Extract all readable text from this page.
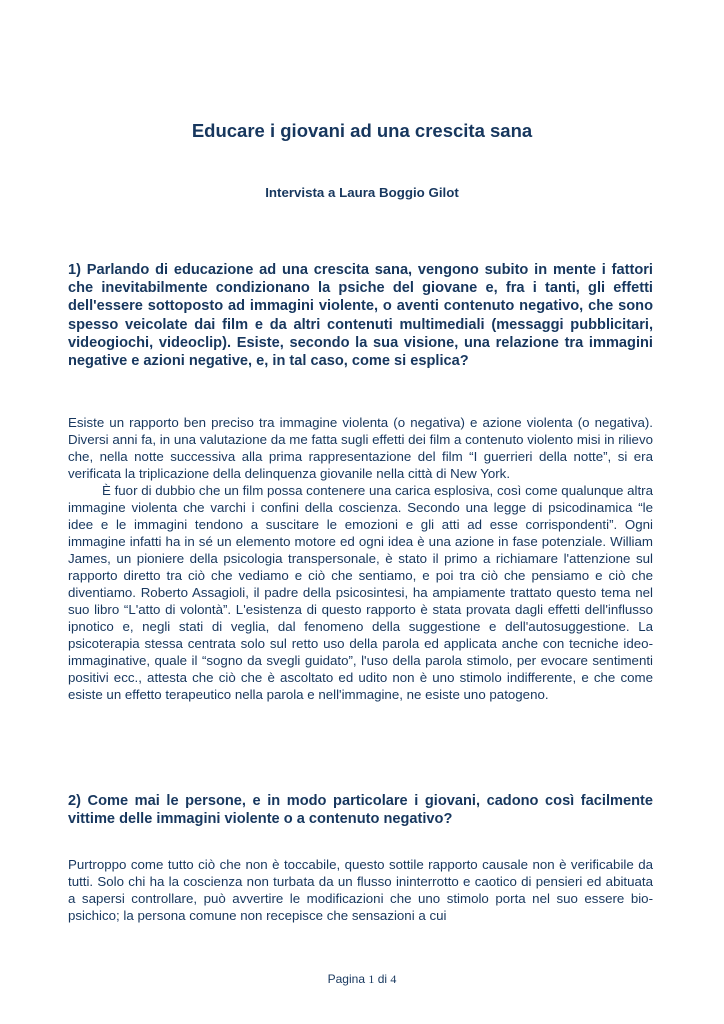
Educare i giovani ad una crescita sana
Intervista a Laura Boggio Gilot

1) Parlando di educazione ad una crescita sana, vengono subito in mente i fattori che inevitabilmente condizionano la psiche del giovane e, fra i tanti, gli effetti dell'essere sottoposto ad immagini violente, o aventi contenuto negativo, che sono spesso veicolate dai film e da altri contenuti multimediali (messaggi pubblicitari, videogiochi, videoclip). Esiste, secondo la sua visione, una relazione tra immagini negative e azioni negative, e, in tal caso, come si esplica?

Esiste un rapporto ben preciso tra immagine violenta (o negativa) e azione violenta (o negativa). Diversi anni fa, in una valutazione da me fatta sugli effetti dei film a contenuto violento misi in rilievo che, nella notte successiva alla prima rappresentazione del film “I guerrieri della notte”, si era verificata la triplicazione della delinquenza giovanile nella città di New York.

È fuor di dubbio che un film possa contenere una carica esplosiva, così come qualunque altra immagine violenta che varchi i confini della coscienza. Secondo una legge di psicodinamica “le idee e le immagini tendono a suscitare le emozioni e gli atti ad esse corrispondenti”. Ogni immagine infatti ha in sé un elemento motore ed ogni idea è una azione in fase potenziale. William James, un pioniere della psicologia transpersonale, è stato il primo a richiamare l'attenzione sul rapporto diretto tra ciò che vediamo e ciò che sentiamo, e poi tra ciò che pensiamo e ciò che diventiamo. Roberto Assagioli, il padre della psicosintesi, ha ampiamente trattato questo tema nel suo libro “L'atto di volontà”. L'esistenza di questo rapporto è stata provata dagli effetti dell'influsso ipnotico e, negli stati di veglia, dal fenomeno della suggestione e dell'autosuggestione. La psicoterapia stessa centrata solo sul retto uso della parola ed applicata anche con tecniche ideo-immaginative, quale il “sogno da svegli guidato”, l'uso della parola stimolo, per evocare sentimenti positivi ecc., attesta che ciò che è ascoltato ed udito non è uno stimolo indifferente, e che come esiste un effetto terapeutico nella parola e nell'immagine, ne esiste uno patogeno.

2) Come mai le persone, e in modo particolare i giovani, cadono così facilmente vittime delle immagini violente o a contenuto negativo?

Purtroppo come tutto ciò che non è toccabile, questo sottile rapporto causale non è verificabile da tutti. Solo chi ha la coscienza non turbata da un flusso ininterrotto e caotico di pensieri ed abituata a sapersi controllare, può avvertire le modificazioni che uno stimolo porta nel suo essere bio-psichico; la persona comune non recepisce che sensazioni a cui

Pagina 1 di 4
